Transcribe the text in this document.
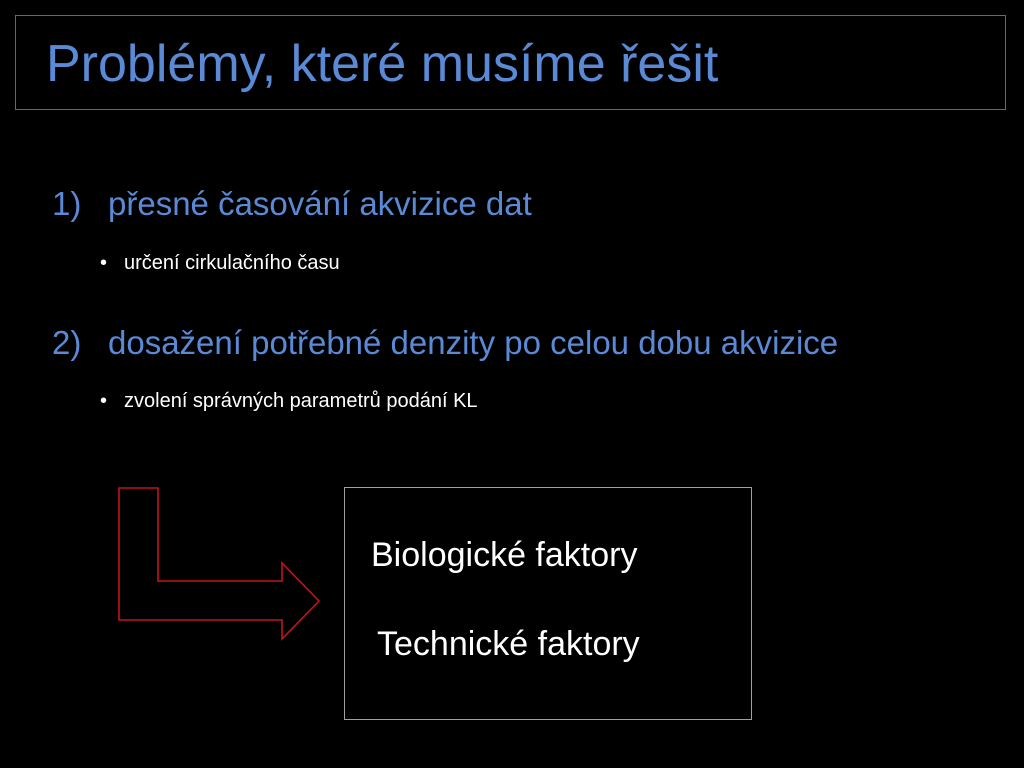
Problémy, které musíme řešit
1) přesné časování akvizice dat
• určení cirkulačního času
2) dosažení potřebné denzity po celou dobu akvizice
• zvolení správných parametrů podání KL
Biologické faktory
Technické faktory
